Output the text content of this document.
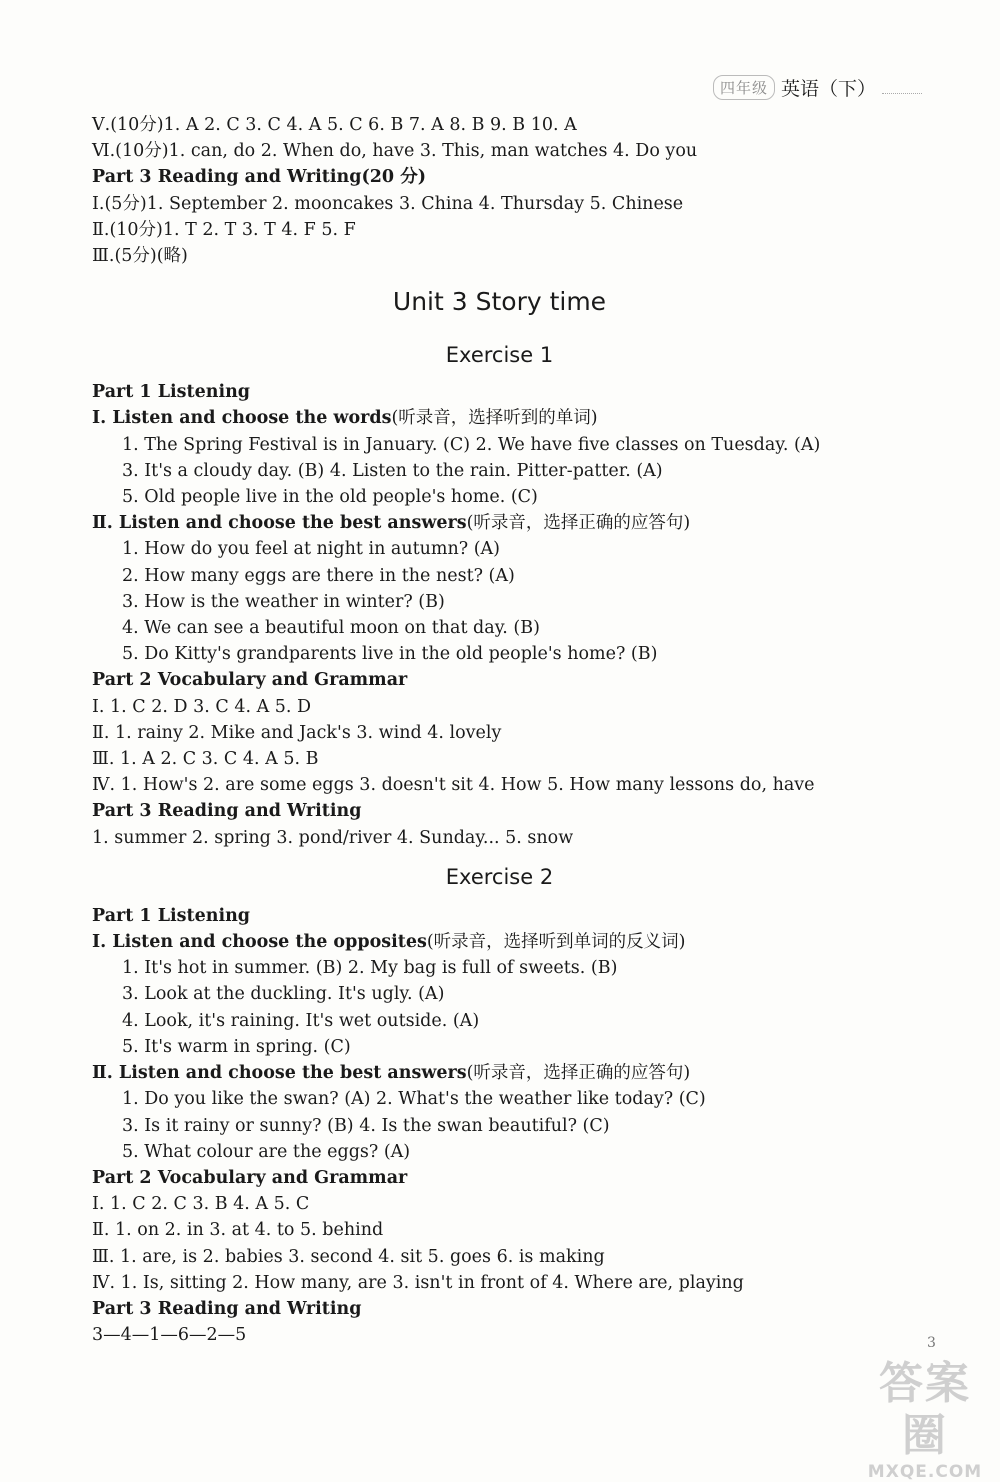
四年级 英语（下）
Ⅴ.(10分)1. A 2. C 3. C 4. A 5. C 6. B 7. A 8. B 9. B 10. A
Ⅵ.(10分)1. can, do 2. When do, have 3. This, man watches 4. Do you
Part 3 Reading and Writing(20 分)
Ⅰ.(5分)1. September 2. mooncakes 3. China 4. Thursday 5. Chinese
Ⅱ.(10分)1. T 2. T 3. T 4. F 5. F
Ⅲ.(5分)(略)
Unit 3 Story time
Exercise 1
Part 1 Listening
Ⅰ. Listen and choose the words(听录音，选择听到的单词)
1. The Spring Festival is in January. (C) 2. We have five classes on Tuesday. (A)
3. It's a cloudy day. (B) 4. Listen to the rain. Pitter-patter. (A)
5. Old people live in the old people's home. (C)
Ⅱ. Listen and choose the best answers(听录音，选择正确的应答句)
1. How do you feel at night in autumn? (A)
2. How many eggs are there in the nest? (A)
3. How is the weather in winter? (B)
4. We can see a beautiful moon on that day. (B)
5. Do Kitty's grandparents live in the old people's home? (B)
Part 2 Vocabulary and Grammar
Ⅰ. 1. C 2. D 3. C 4. A 5. D
Ⅱ. 1. rainy 2. Mike and Jack's 3. wind 4. lovely
Ⅲ. 1. A 2. C 3. C 4. A 5. B
Ⅳ. 1. How's 2. are some eggs 3. doesn't sit 4. How 5. How many lessons do, have
Part 3 Reading and Writing
1. summer 2. spring 3. pond/river 4. Sunday... 5. snow
Exercise 2
Part 1 Listening
Ⅰ. Listen and choose the opposites(听录音，选择听到单词的反义词)
1. It's hot in summer. (B) 2. My bag is full of sweets. (B)
3. Look at the duckling. It's ugly. (A)
4. Look, it's raining. It's wet outside. (A)
5. It's warm in spring. (C)
Ⅱ. Listen and choose the best answers(听录音，选择正确的应答句)
1. Do you like the swan? (A) 2. What's the weather like today? (C)
3. Is it rainy or sunny? (B) 4. Is the swan beautiful? (C)
5. What colour are the eggs? (A)
Part 2 Vocabulary and Grammar
Ⅰ. 1. C 2. C 3. B 4. A 5. C
Ⅱ. 1. on 2. in 3. at 4. to 5. behind
Ⅲ. 1. are, is 2. babies 3. second 4. sit 5. goes 6. is making
Ⅳ. 1. Is, sitting 2. How many, are 3. isn't in front of 4. Where are, playing
Part 3 Reading and Writing
3—4—1—6—2—5	3
答案圈
MXQE.COM
